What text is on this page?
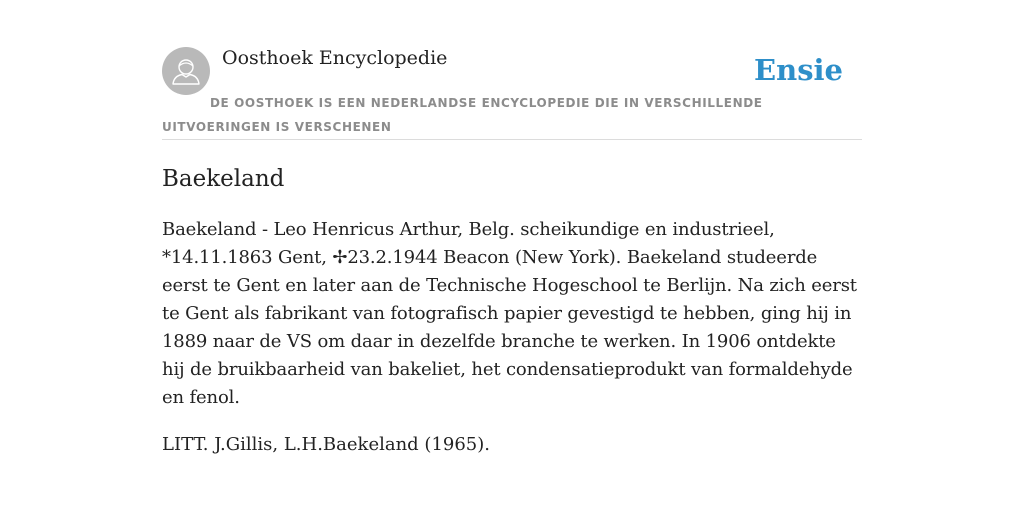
Oosthoek Encyclopedie	Ensie

DE OOSTHOEK IS EEN NEDERLANDSE ENCYCLOPEDIE DIE IN VERSCHILLENDE UITVOERINGEN IS VERSCHENEN

Baekeland

Baekeland - Leo Henricus Arthur, Belg. scheikundige en industrieel, *14.11.1863 Gent, ✢23.2.1944 Beacon (New York). Baekeland studeerde eerst te Gent en later aan de Technische Hogeschool te Berlijn. Na zich eerst te Gent als fabrikant van fotografisch papier gevestigd te hebben, ging hij in 1889 naar de VS om daar in dezelfde branche te werken. In 1906 ontdekte hij de bruikbaarheid van bakeliet, het condensatieprodukt van formaldehyde en fenol.

LITT. J.Gillis, L.H.Baekeland (1965).
